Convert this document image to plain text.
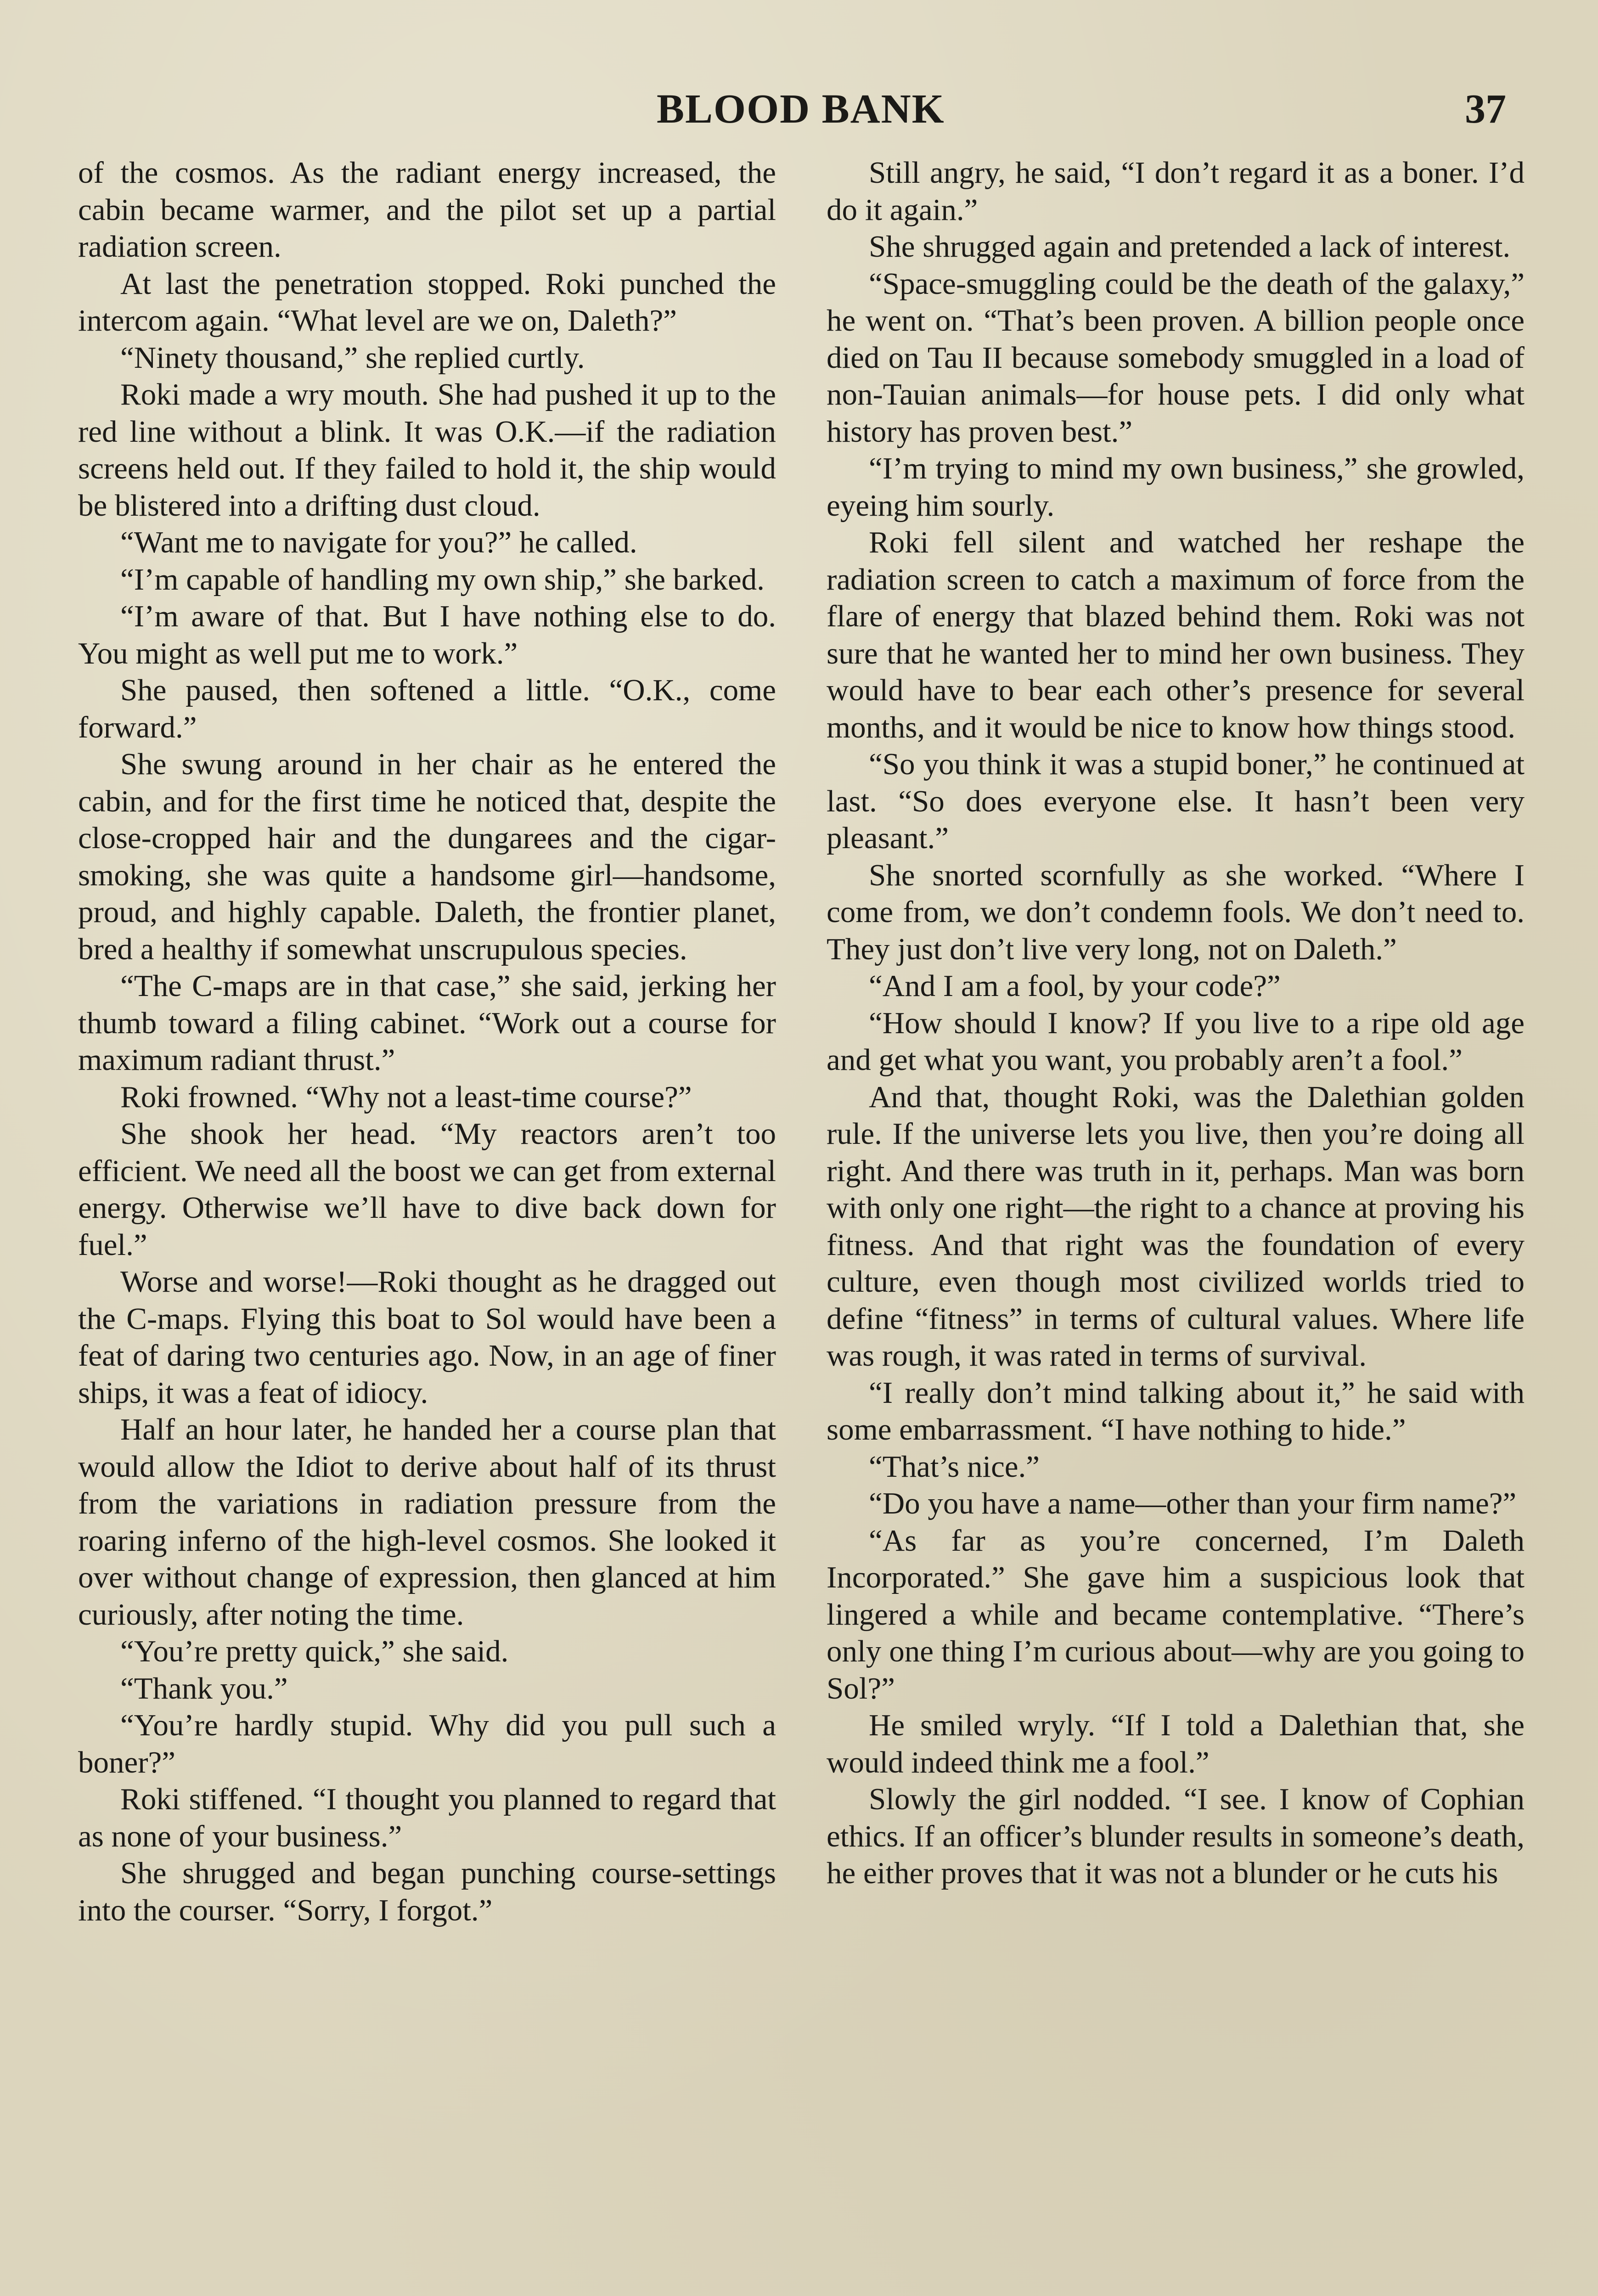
BLOOD BANK	37

of the cosmos. As the radiant energy increased, the cabin became warmer, and the pilot set up a partial radiation screen.

At last the penetration stopped. Roki punched the intercom again. “What level are we on, Daleth?”

“Ninety thousand,” she replied curtly.

Roki made a wry mouth. She had pushed it up to the red line without a blink. It was O.K.—if the radiation screens held out. If they failed to hold it, the ship would be blistered into a drifting dust cloud.

“Want me to navigate for you?” he called.

“I’m capable of handling my own ship,” she barked.

“I’m aware of that. But I have nothing else to do. You might as well put me to work.”

She paused, then softened a little. “O.K., come forward.”

She swung around in her chair as he entered the cabin, and for the first time he noticed that, despite the close-cropped hair and the dungarees and the cigar-smoking, she was quite a handsome girl—handsome, proud, and highly capable. Daleth, the frontier planet, bred a healthy if somewhat unscrupulous species.

“The C-maps are in that case,” she said, jerking her thumb toward a filing cabinet. “Work out a course for maximum radiant thrust.”

Roki frowned. “Why not a least-time course?”

She shook her head. “My reactors aren’t too efficient. We need all the boost we can get from external energy. Otherwise we’ll have to dive back down for fuel.”

Worse and worse!—Roki thought as he dragged out the C-maps. Flying this boat to Sol would have been a feat of daring two centuries ago. Now, in an age of finer ships, it was a feat of idiocy.

Half an hour later, he handed her a course plan that would allow the Idiot to derive about half of its thrust from the variations in radiation pressure from the roaring inferno of the high-level cosmos. She looked it over without change of expression, then glanced at him curiously, after noting the time.

“You’re pretty quick,” she said.

“Thank you.”

“You’re hardly stupid. Why did you pull such a boner?”

Roki stiffened. “I thought you planned to regard that as none of your business.”

She shrugged and began punching course-settings into the courser. “Sorry, I forgot.”

Still angry, he said, “I don’t regard it as a boner. I’d do it again.”

She shrugged again and pretended a lack of interest.

“Space-smuggling could be the death of the galaxy,” he went on. “That’s been proven. A billion people once died on Tau II because somebody smuggled in a load of non-Tauian animals—for house pets. I did only what history has proven best.”

“I’m trying to mind my own business,” she growled, eyeing him sourly.

Roki fell silent and watched her reshape the radiation screen to catch a maximum of force from the flare of energy that blazed behind them. Roki was not sure that he wanted her to mind her own business. They would have to bear each other’s presence for several months, and it would be nice to know how things stood.

“So you think it was a stupid boner,” he continued at last. “So does everyone else. It hasn’t been very pleasant.”

She snorted scornfully as she worked. “Where I come from, we don’t condemn fools. We don’t need to. They just don’t live very long, not on Daleth.”

“And I am a fool, by your code?”

“How should I know? If you live to a ripe old age and get what you want, you probably aren’t a fool.”

And that, thought Roki, was the Dalethian golden rule. If the universe lets you live, then you’re doing all right. And there was truth in it, perhaps. Man was born with only one right—the right to a chance at proving his fitness. And that right was the foundation of every culture, even though most civilized worlds tried to define “fitness” in terms of cultural values. Where life was rough, it was rated in terms of survival.

“I really don’t mind talking about it,” he said with some embarrassment. “I have nothing to hide.”

“That’s nice.”

“Do you have a name—other than your firm name?”

“As far as you’re concerned, I’m Daleth Incorporated.” She gave him a suspicious look that lingered a while and became contemplative. “There’s only one thing I’m curious about—why are you going to Sol?”

He smiled wryly. “If I told a Dalethian that, she would indeed think me a fool.”

Slowly the girl nodded. “I see. I know of Cophian ethics. If an officer’s blunder results in someone’s death, he either proves that it was not a blunder or he cuts his
